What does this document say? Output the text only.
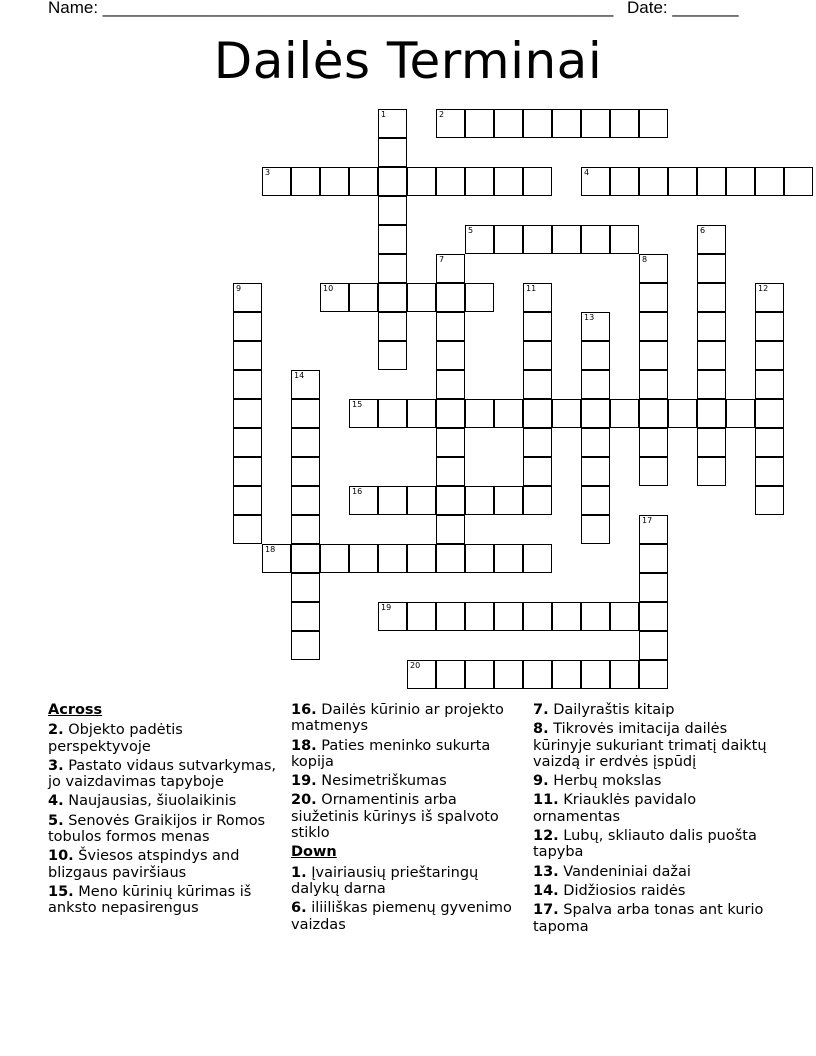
Name: ______________________________________________________ Date: _______
Dailės Terminai
1	2
3	4
5	6
7	8
9	10	11	12
13
14
15
16
17
18
19
20
Across

2. Objekto padėtis perspektyvoje

3. Pastato vidaus sutvarkymas, jo vaizdavimas tapyboje

4. Naujausias, šiuolaikinis

5. Senovės Graikijos ir Romos tobulos formos menas

10. Šviesos atspindys and blizgaus paviršiaus

15. Meno kūrinių kūrimas iš anksto nepasirengus

16. Dailės kūrinio ar projekto matmenys

18. Paties meninko sukurta kopija

19. Nesimetriškumas

20. Ornamentinis arba siužetinis kūrinys iš spalvoto stiklo

Down

1. Įvairiausių prieštaringų dalykų darna

6. iliiliškas piemenų gyvenimo vaizdas

7. Dailyraštis kitaip

8. Tikrovės imitacija dailės kūrinyje sukuriant trimatį daiktų vaizdą ir erdvės įspūdį

9. Herbų mokslas

11. Kriauklės pavidalo ornamentas

12. Lubų, skliauto dalis puošta tapyba

13. Vandeniniai dažai

14. Didžiosios raidės

17. Spalva arba tonas ant kurio tapoma
